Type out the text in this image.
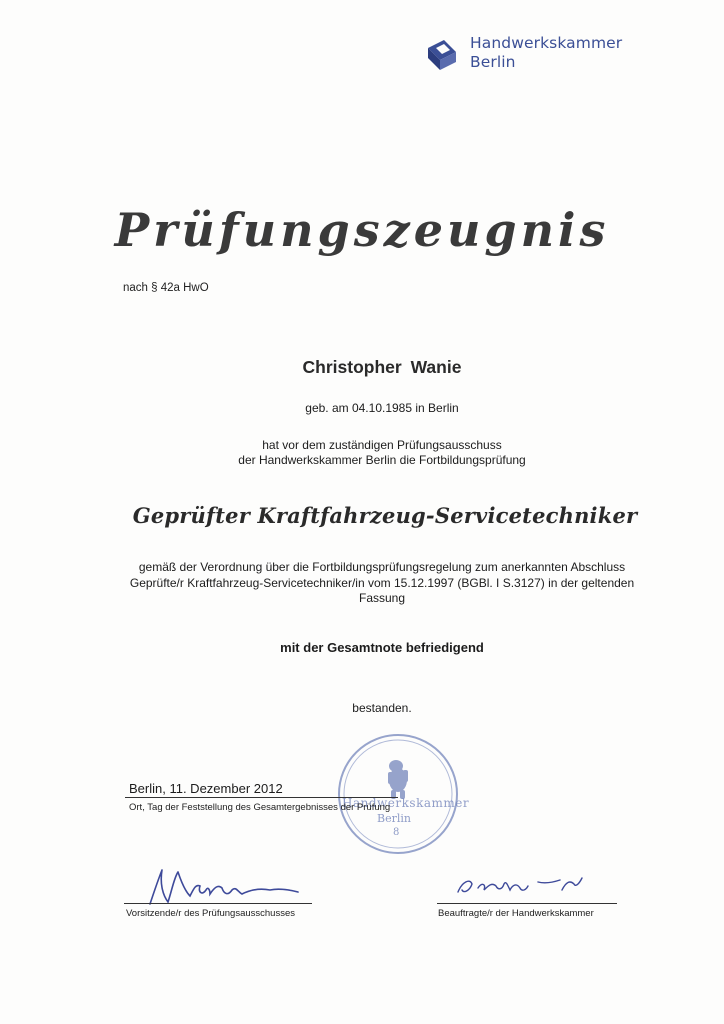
Handwerkskammer
Berlin
Prüfungszeugnis
nach § 42a HwO
Christopher Wanie
geb. am 04.10.1985 in Berlin
hat vor dem zuständigen Prüfungsausschuss
der Handwerkskammer Berlin die Fortbildungsprüfung
Geprüfter Kraftfahrzeug-Servicetechniker
gemäß der Verordnung über die Fortbildungsprüfungsregelung zum anerkannten Abschluss
Geprüfte/r Kraftfahrzeug-Servicetechniker/in vom 15.12.1997 (BGBl. I S.3127) in der geltenden
Fassung
mit der Gesamtnote befriedigend
bestanden.
Handwerkskammer
Berlin
8
Berlin, 11. Dezember 2012
Ort, Tag der Feststellung des Gesamtergebnisses der Prüfung
Vorsitzende/r des Prüfungsausschusses	Beauftragte/r der Handwerkskammer
